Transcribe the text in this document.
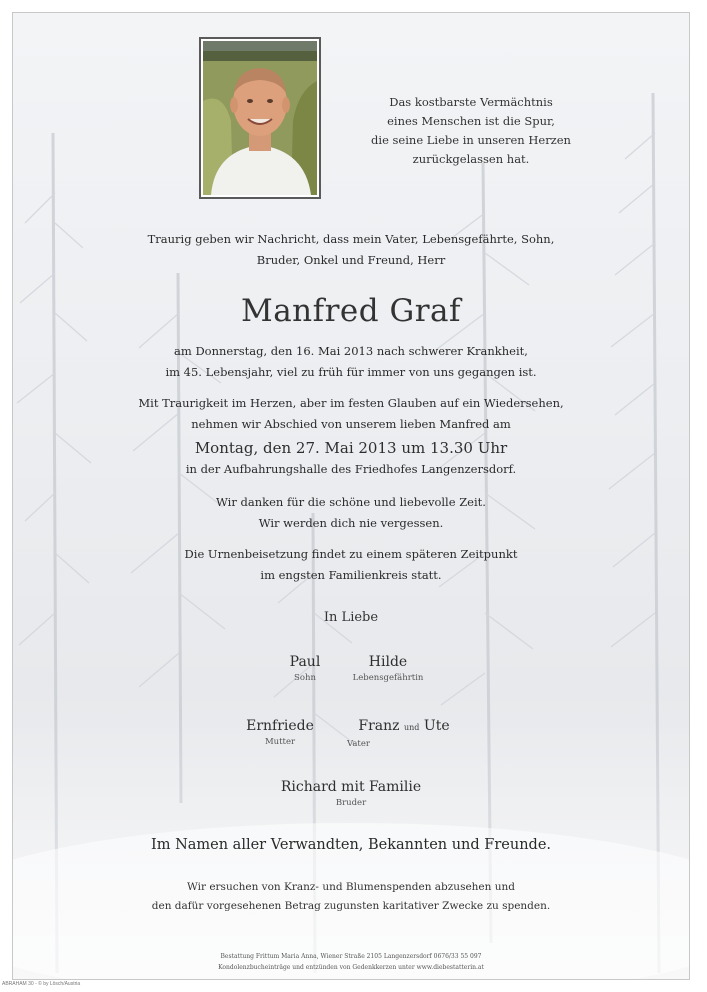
Das kostbarste Vermächtnis
eines Menschen ist die Spur,
die seine Liebe in unseren Herzen
zurückgelassen hat.
Traurig geben wir Nachricht, dass mein Vater, Lebensgefährte, Sohn,
Bruder, Onkel und Freund, Herr
Manfred Graf
am Donnerstag, den 16. Mai 2013 nach schwerer Krankheit,
im 45. Lebensjahr, viel zu früh für immer von uns gegangen ist.
Mit Traurigkeit im Herzen, aber im festen Glauben auf ein Wiedersehen,
nehmen wir Abschied von unserem lieben Manfred am
Montag, den 27. Mai 2013 um 13.30 Uhr
in der Aufbahrungshalle des Friedhofes Langenzersdorf.
Wir danken für die schöne und liebevolle Zeit.
Wir werden dich nie vergessen.
Die Urnenbeisetzung findet zu einem späteren Zeitpunkt
im engsten Familienkreis statt.
In Liebe
Paul
Sohn
Hilde
Lebensgefährtin
Ernfriede
Mutter
Franz und Ute
Vater
Richard mit Familie
Bruder
Im Namen aller Verwandten, Bekannten und Freunde.
Wir ersuchen von Kranz- und Blumenspenden abzusehen und
den dafür vorgesehenen Betrag zugunsten karitativer Zwecke zu spenden.
Bestattung Frittum Maria Anna, Wiener Straße 2105 Langenzersdorf 0676/33 55 097
Kondolenzbucheinträge und entzünden von Gedenkkerzen unter www.diebestatterin.at
ABRAHAM 30 - © by Lösch/Austria
